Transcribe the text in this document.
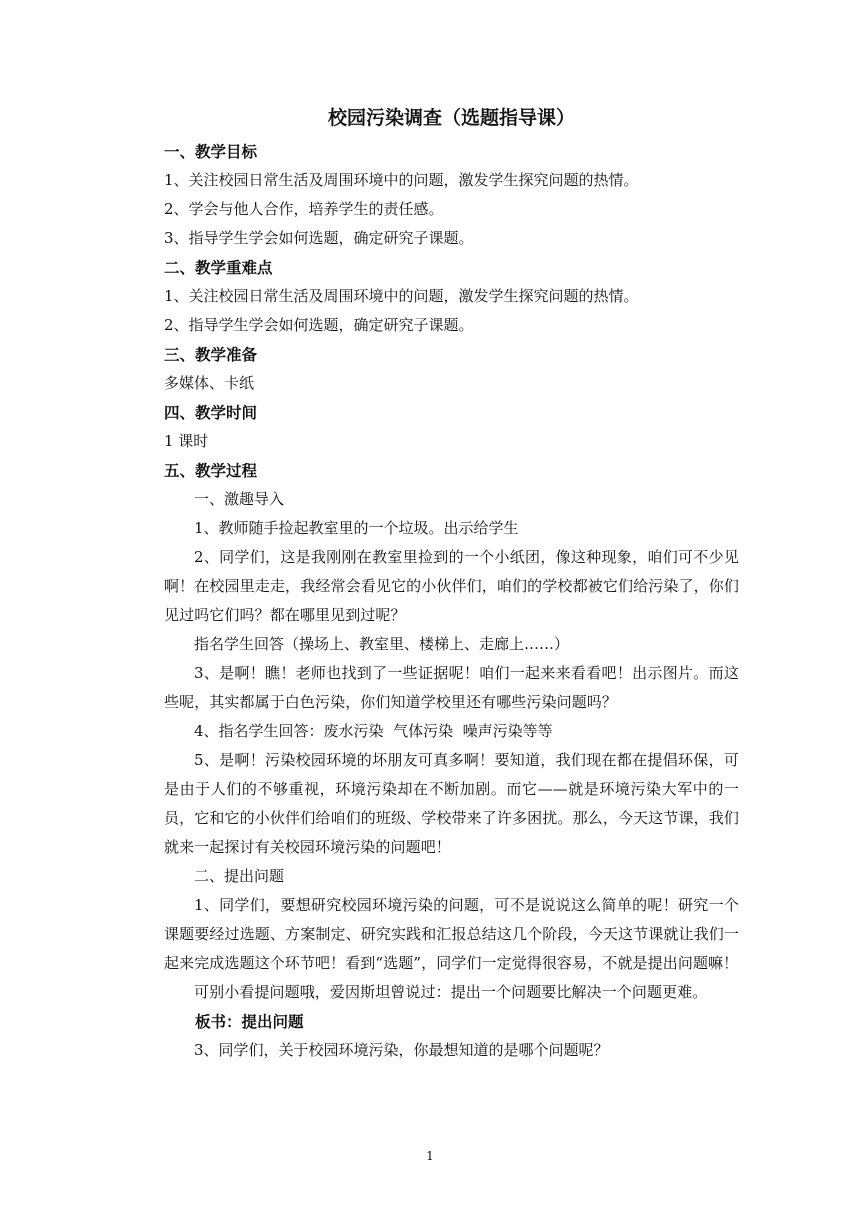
校园污染调查（选题指导课）
一、教学目标
1、关注校园日常生活及周围环境中的问题，激发学生探究问题的热情。
2、学会与他人合作，培养学生的责任感。
3、指导学生学会如何选题，确定研究子课题。
二、教学重难点
1、关注校园日常生活及周围环境中的问题，激发学生探究问题的热情。
2、指导学生学会如何选题，确定研究子课题。
三、教学准备
多媒体、卡纸
四、教学时间
1 课时
五、教学过程
一、激趣导入
1、教师随手捡起教室里的一个垃圾。出示给学生
2、同学们，这是我刚刚在教室里捡到的一个小纸团，像这种现象，咱们可不少见啊！在校园里走走，我经常会看见它的小伙伴们，咱们的学校都被它们给污染了，你们见过吗它们吗？都在哪里见到过呢？
指名学生回答（操场上、教室里、楼梯上、走廊上……）
3、是啊！瞧！老师也找到了一些证据呢！咱们一起来来看看吧！出示图片。而这些呢，其实都属于白色污染，你们知道学校里还有哪些污染问题吗？
4、指名学生回答：废水污染  气体污染  噪声污染等等
5、是啊！污染校园环境的坏朋友可真多啊！要知道，我们现在都在提倡环保，可是由于人们的不够重视，环境污染却在不断加剧。而它——就是环境污染大军中的一员，它和它的小伙伴们给咱们的班级、学校带来了许多困扰。那么，今天这节课，我们就来一起探讨有关校园环境污染的问题吧！
二、提出问题
1、同学们，要想研究校园环境污染的问题，可不是说说这么简单的呢！研究一个课题要经过选题、方案制定、研究实践和汇报总结这几个阶段，今天这节课就让我们一起来完成选题这个环节吧！看到“选题”，同学们一定觉得很容易，不就是提出问题嘛！
可别小看提问题哦，爱因斯坦曾说过：提出一个问题要比解决一个问题更难。
板书：提出问题
3、同学们，关于校园环境污染，你最想知道的是哪个问题呢？
1
